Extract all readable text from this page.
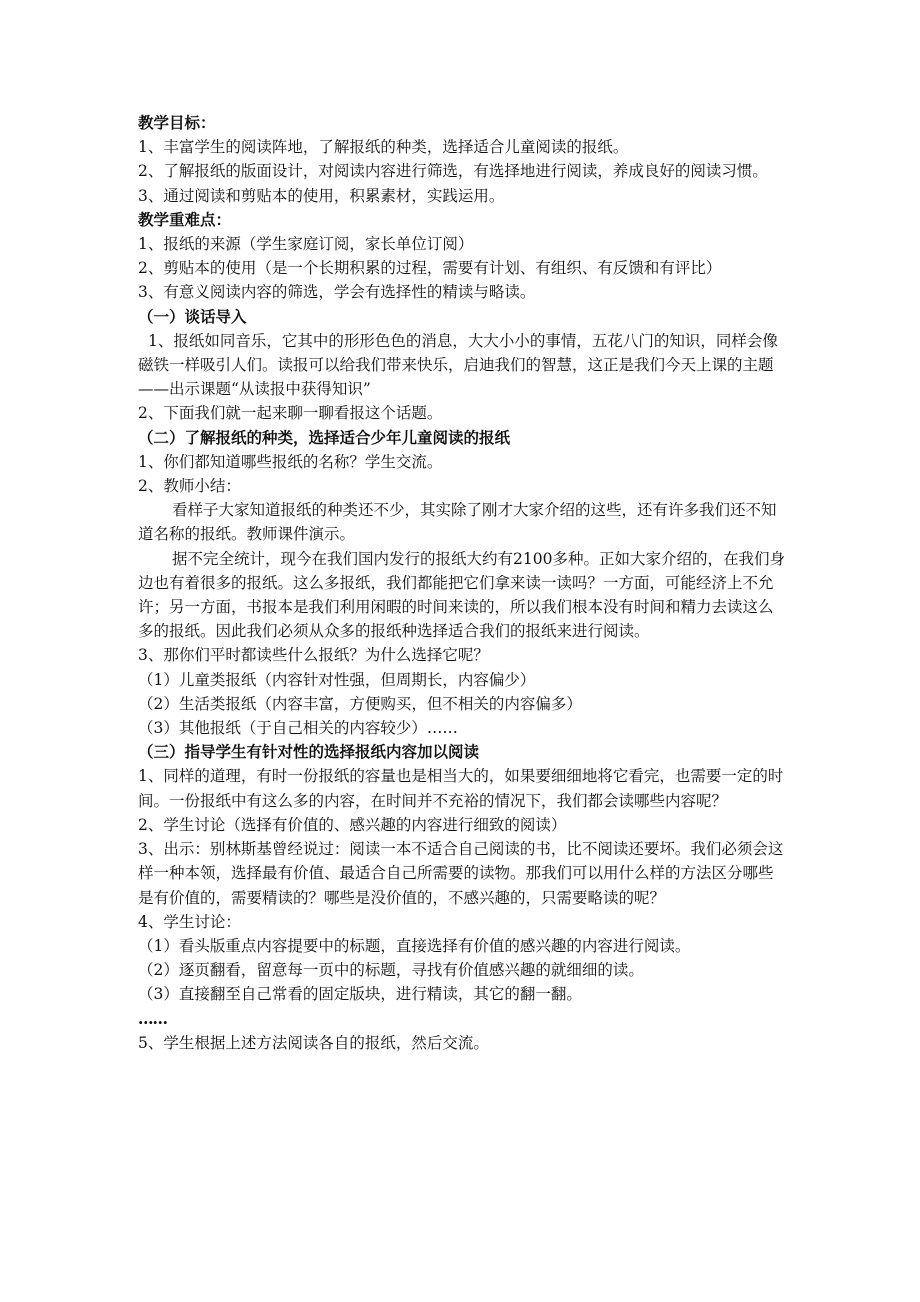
教学目标：

1、丰富学生的阅读阵地，了解报纸的种类，选择适合儿童阅读的报纸。

2、了解报纸的版面设计，对阅读内容进行筛选，有选择地进行阅读，养成良好的阅读习惯。

3、通过阅读和剪贴本的使用，积累素材，实践运用。

教学重难点：

1、报纸的来源（学生家庭订阅，家长单位订阅）

2、剪贴本的使用（是一个长期积累的过程，需要有计划、有组织、有反馈和有评比）

3、有意义阅读内容的筛选，学会有选择性的精读与略读。

（一）谈话导入

1、报纸如同音乐，它其中的形形色色的消息，大大小小的事情，五花八门的知识，同样会像磁铁一样吸引人们。读报可以给我们带来快乐，启迪我们的智慧，这正是我们今天上课的主题——出示课题“从读报中获得知识”

2、下面我们就一起来聊一聊看报这个话题。

（二）了解报纸的种类，选择适合少年儿童阅读的报纸

1、你们都知道哪些报纸的名称？学生交流。

2、教师小结：

看样子大家知道报纸的种类还不少，其实除了刚才大家介绍的这些，还有许多我们还不知道名称的报纸。教师课件演示。

据不完全统计，现今在我们国内发行的报纸大约有2100多种。正如大家介绍的，在我们身边也有着很多的报纸。这么多报纸，我们都能把它们拿来读一读吗？一方面，可能经济上不允许；另一方面，书报本是我们利用闲暇的时间来读的，所以我们根本没有时间和精力去读这么多的报纸。因此我们必须从众多的报纸种选择适合我们的报纸来进行阅读。

3、那你们平时都读些什么报纸？为什么选择它呢？

（1）儿童类报纸（内容针对性强，但周期长，内容偏少）

（2）生活类报纸（内容丰富，方便购买，但不相关的内容偏多）

（3）其他报纸（于自己相关的内容较少）……

（三）指导学生有针对性的选择报纸内容加以阅读

1、同样的道理，有时一份报纸的容量也是相当大的，如果要细细地将它看完，也需要一定的时间。一份报纸中有这么多的内容，在时间并不充裕的情况下，我们都会读哪些内容呢？

2、学生讨论（选择有价值的、感兴趣的内容进行细致的阅读）

3、出示：别林斯基曾经说过：阅读一本不适合自己阅读的书，比不阅读还要坏。我们必须会这样一种本领，选择最有价值、最适合自己所需要的读物。那我们可以用什么样的方法区分哪些是有价值的，需要精读的？哪些是没价值的，不感兴趣的，只需要略读的呢？

4、学生讨论：

（1）看头版重点内容提要中的标题，直接选择有价值的感兴趣的内容进行阅读。

（2）逐页翻看，留意每一页中的标题，寻找有价值感兴趣的就细细的读。

（3）直接翻至自己常看的固定版块，进行精读，其它的翻一翻。

……

5、学生根据上述方法阅读各自的报纸，然后交流。
